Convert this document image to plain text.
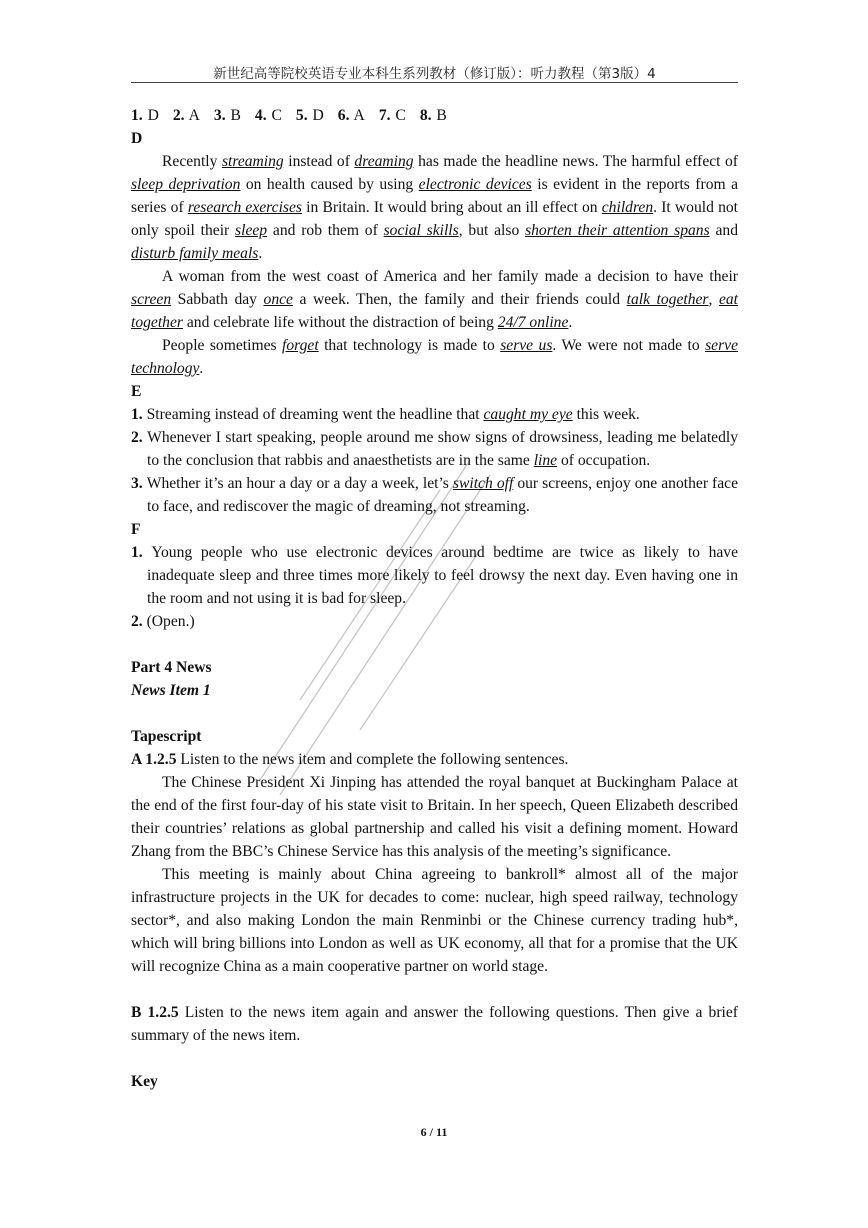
新世纪高等院校英语专业本科生系列教材（修订版）：听力教程（第3版）4

1. D 2. A 3. B 4. C 5. D 6. A 7. C 8. B

D

Recently streaming instead of dreaming has made the headline news. The harmful effect of sleep deprivation on health caused by using electronic devices is evident in the reports from a series of research exercises in Britain. It would bring about an ill effect on children. It would not only spoil their sleep and rob them of social skills, but also shorten their attention spans and disturb family meals.

A woman from the west coast of America and her family made a decision to have their screen Sabbath day once a week. Then, the family and their friends could talk together, eat together and celebrate life without the distraction of being 24/7 online.

People sometimes forget that technology is made to serve us. We were not made to serve technology.

E

1. Streaming instead of dreaming went the headline that caught my eye this week.

2. Whenever I start speaking, people around me show signs of drowsiness, leading me belatedly to the conclusion that rabbis and anaesthetists are in the same line of occupation.

3. Whether it’s an hour a day or a day a week, let’s switch off our screens, enjoy one another face to face, and rediscover the magic of dreaming, not streaming.

F

1. Young people who use electronic devices around bedtime are twice as likely to have inadequate sleep and three times more likely to feel drowsy the next day. Even having one in the room and not using it is bad for sleep.

2. (Open.)

Part 4 News

News Item 1

Tapescript

A 1.2.5 Listen to the news item and complete the following sentences.

The Chinese President Xi Jinping has attended the royal banquet at Buckingham Palace at the end of the first four-day of his state visit to Britain. In her speech, Queen Elizabeth described their countries’ relations as global partnership and called his visit a defining moment. Howard Zhang from the BBC’s Chinese Service has this analysis of the meeting’s significance.

This meeting is mainly about China agreeing to bankroll* almost all of the major infrastructure projects in the UK for decades to come: nuclear, high speed railway, technology sector*, and also making London the main Renminbi or the Chinese currency trading hub*, which will bring billions into London as well as UK economy, all that for a promise that the UK will recognize China as a main cooperative partner on world stage.

B 1.2.5 Listen to the news item again and answer the following questions. Then give a brief summary of the news item.

Key

6 / 11
